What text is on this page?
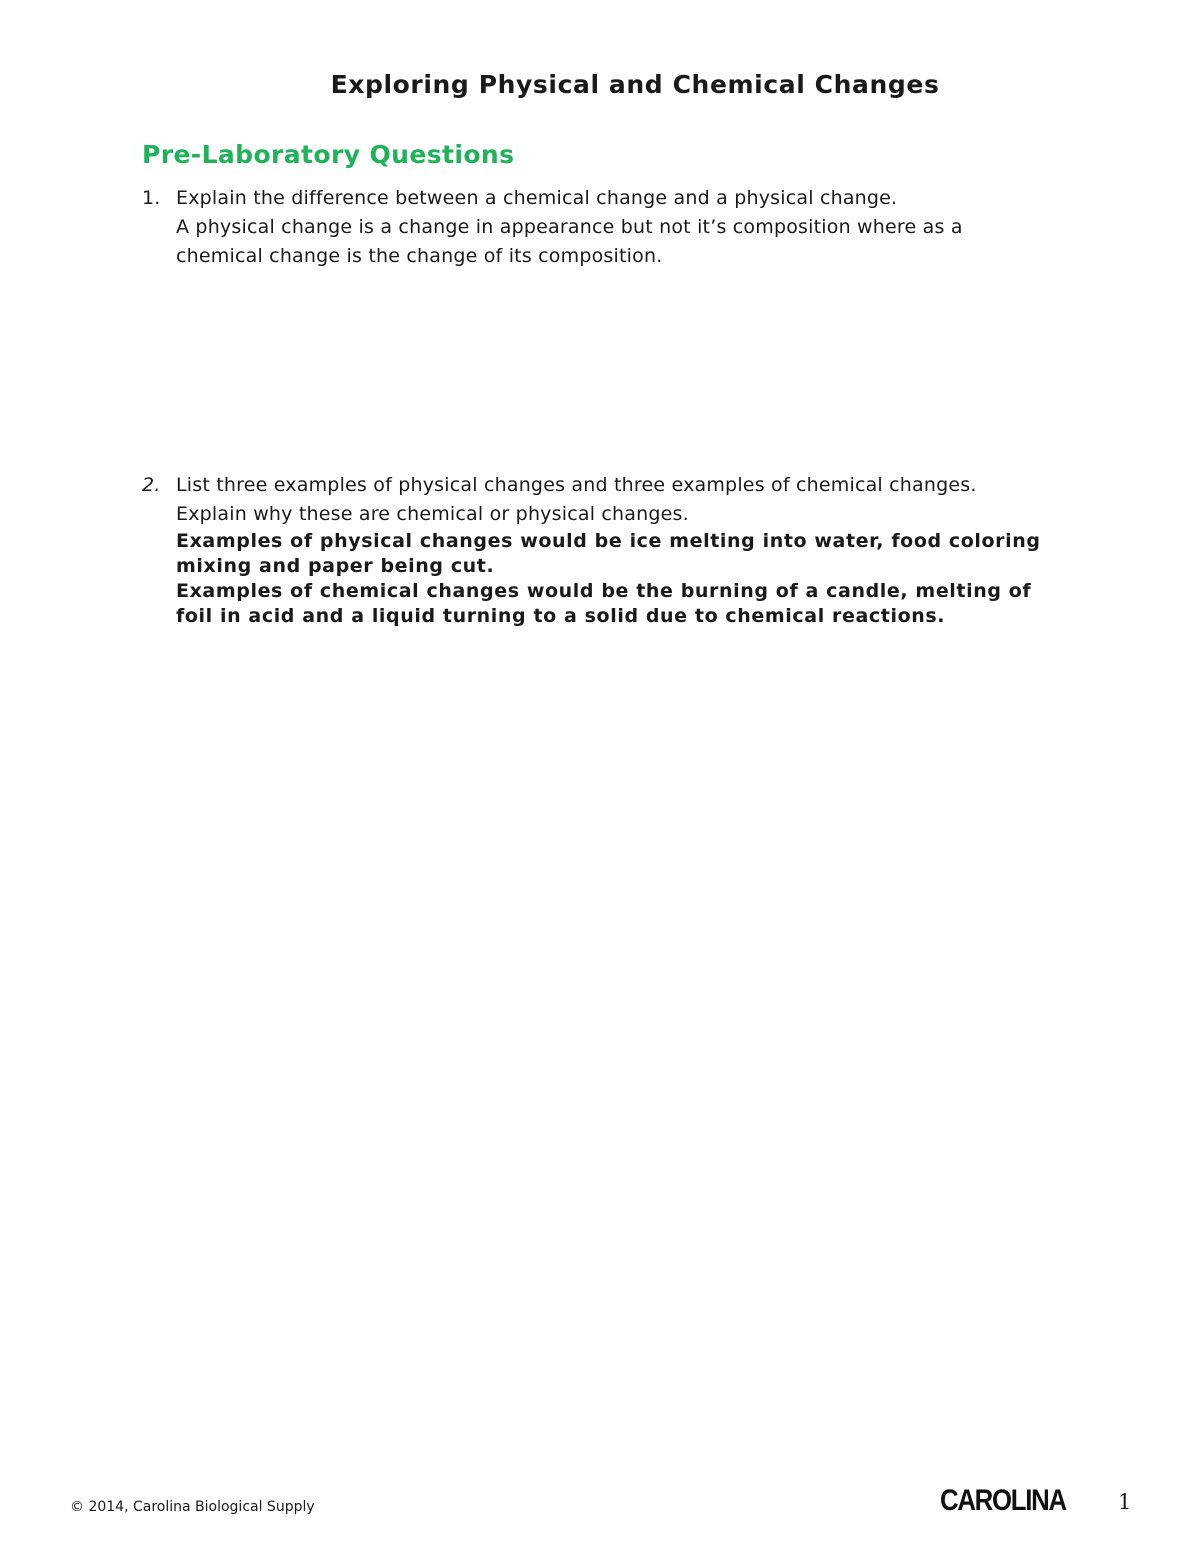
Exploring Physical and Chemical Changes
Pre-Laboratory Questions
1. Explain the difference between a chemical change and a physical change.

A physical change is a change in appearance but not it’s composition where as a

chemical change is the change of its composition.

2. List three examples of physical changes and three examples of chemical changes.

Explain why these are chemical or physical changes.

Examples of physical changes would be ice melting into water, food coloring

mixing and paper being cut.

Examples of chemical changes would be the burning of a candle, melting of

foil in acid and a liquid turning to a solid due to chemical reactions.

© 2014, Carolina Biological Supply	CAROLINA 1
